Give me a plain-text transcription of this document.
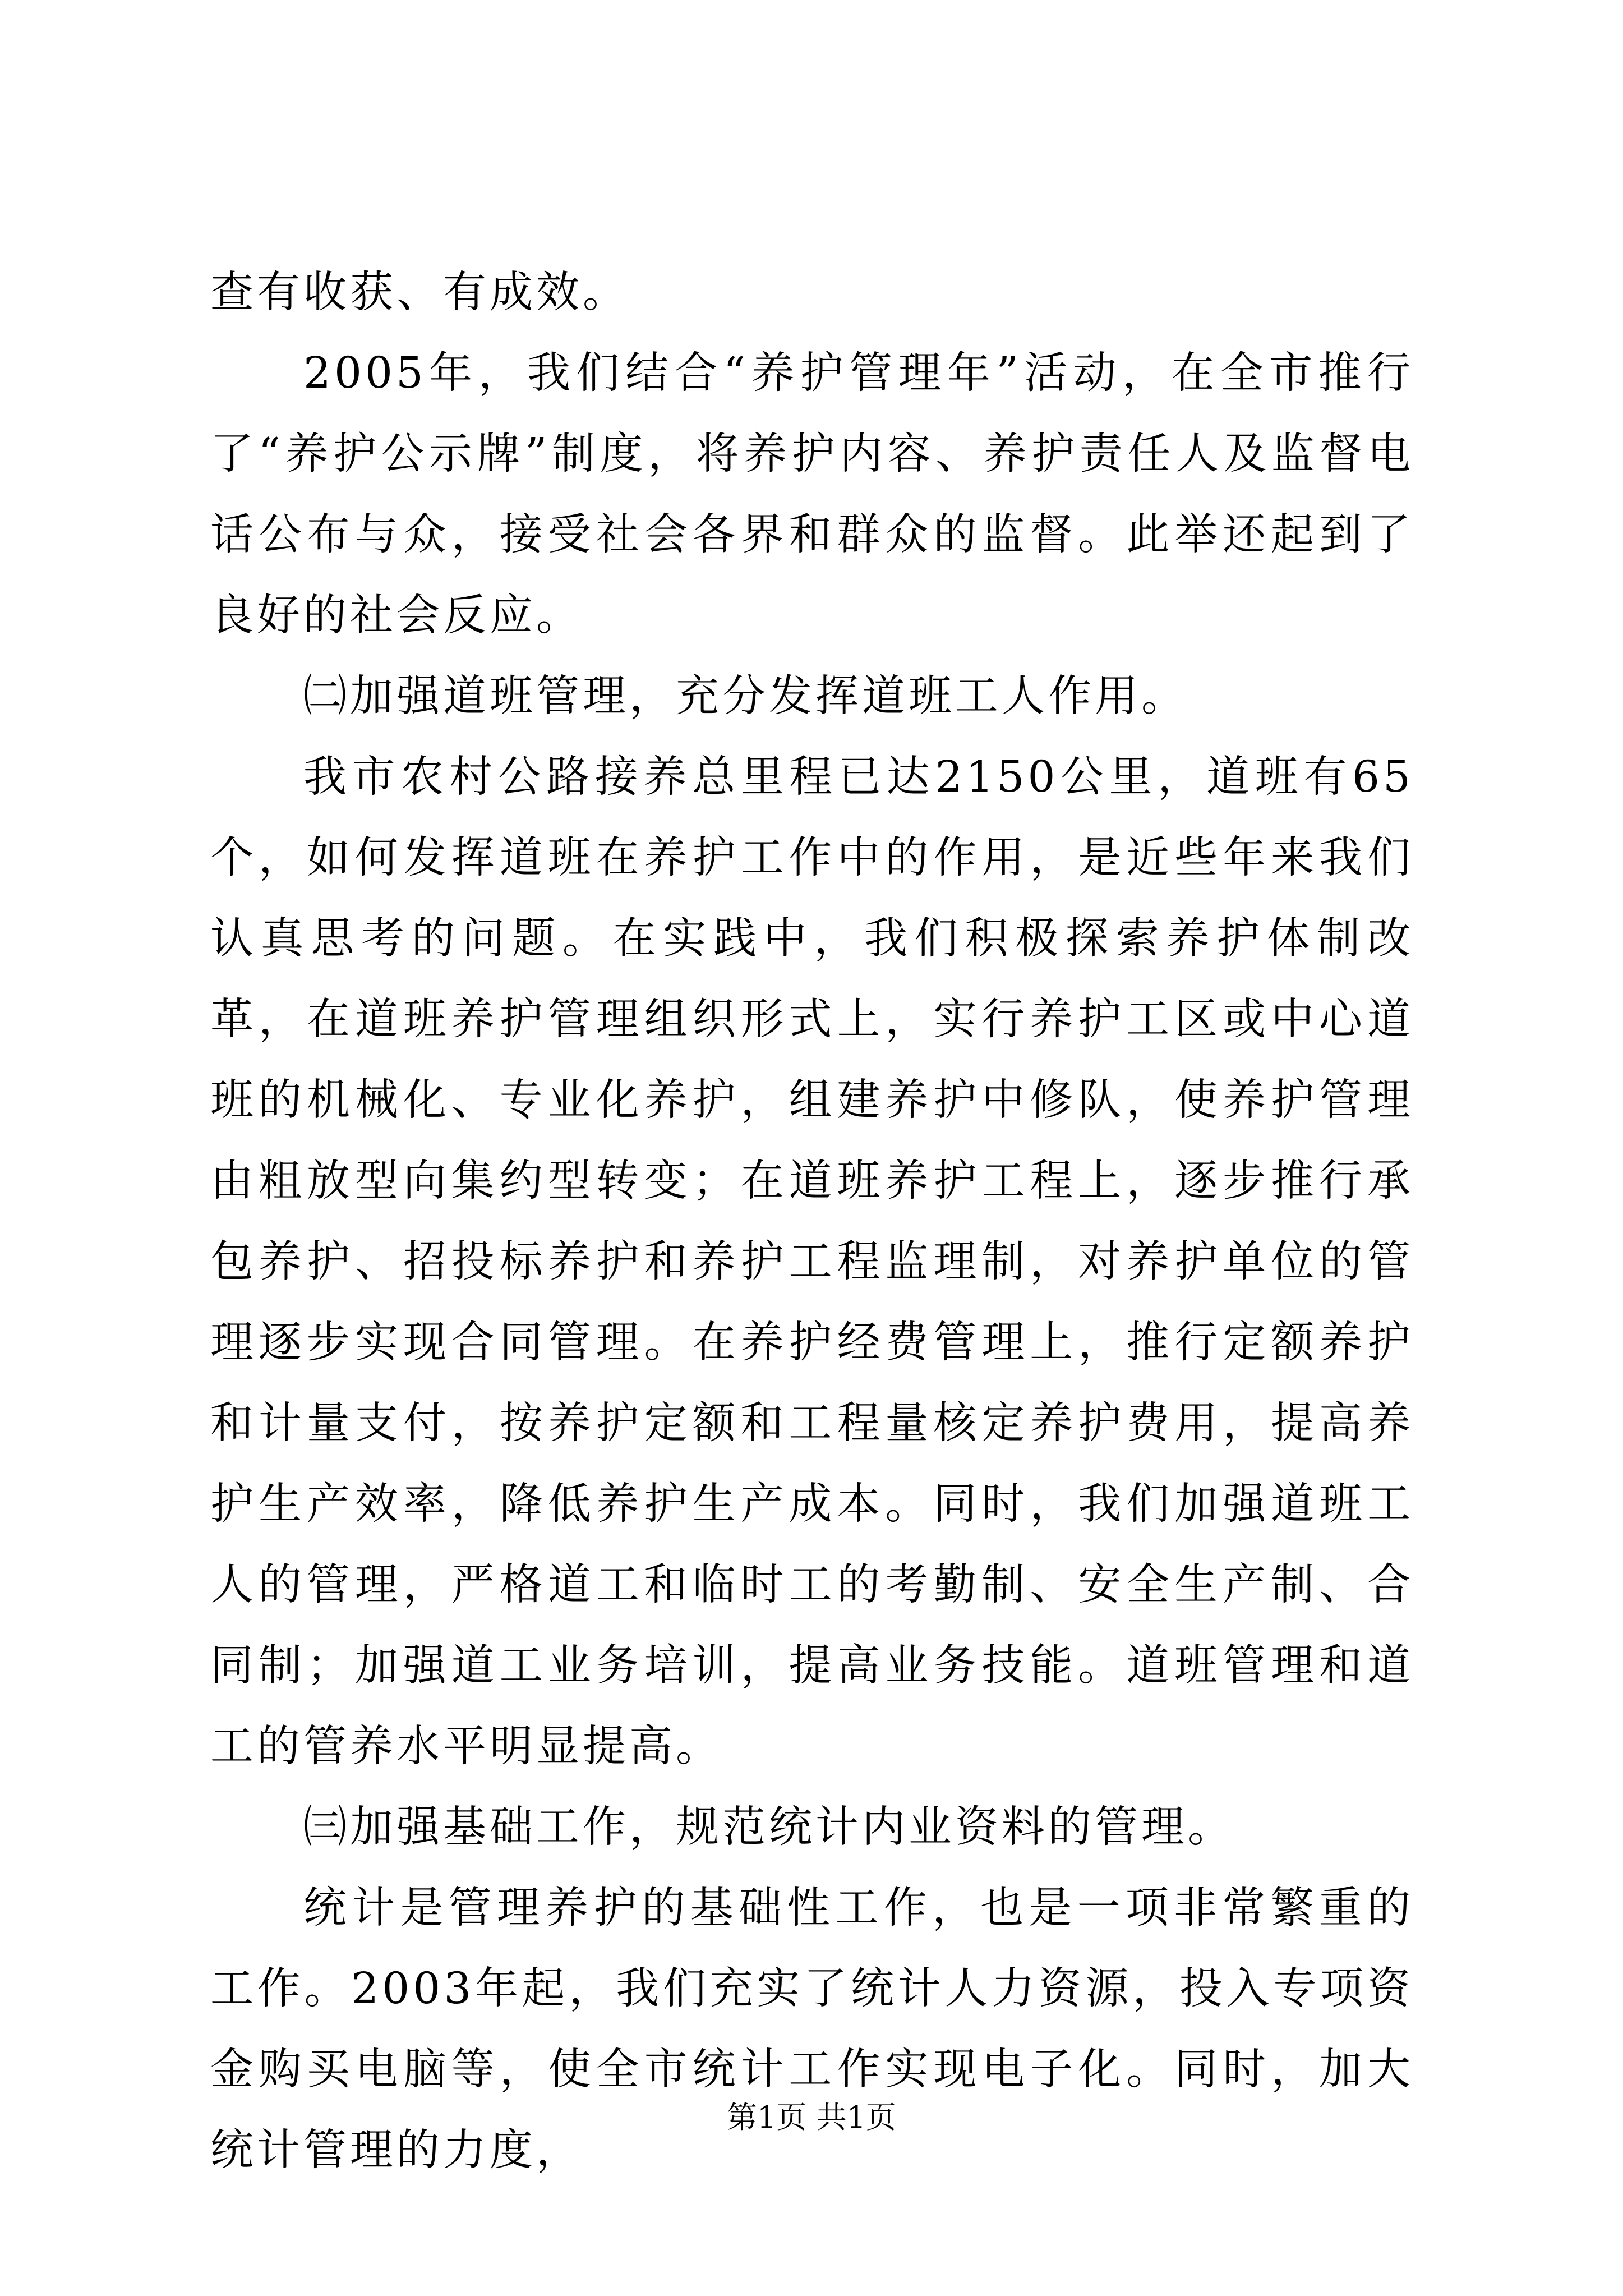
查有收获、有成效。

2005年，我们结合“养护管理年”活动，在全市推行了“养护公示牌”制度，将养护内容、养护责任人及监督电话公布与众，接受社会各界和群众的监督。此举还起到了良好的社会反应。

㈡加强道班管理，充分发挥道班工人作用。

我市农村公路接养总里程已达2150公里，道班有65个，如何发挥道班在养护工作中的作用，是近些年来我们认真思考的问题。在实践中，我们积极探索养护体制改革，在道班养护管理组织形式上，实行养护工区或中心道班的机械化、专业化养护，组建养护中修队，使养护管理由粗放型向集约型转变；在道班养护工程上，逐步推行承包养护、招投标养护和养护工程监理制，对养护单位的管理逐步实现合同管理。在养护经费管理上，推行定额养护和计量支付，按养护定额和工程量核定养护费用，提高养护生产效率，降低养护生产成本。同时，我们加强道班工人的管理，严格道工和临时工的考勤制、安全生产制、合同制；加强道工业务培训，提高业务技能。道班管理和道工的管养水平明显提高。

㈢加强基础工作，规范统计内业资料的管理。

统计是管理养护的基础性工作，也是一项非常繁重的工作。2003年起，我们充实了统计人力资源，投入专项资金购买电脑等，使全市统计工作实现电子化。同时，加大统计管理的力度，

第1页 共1页
